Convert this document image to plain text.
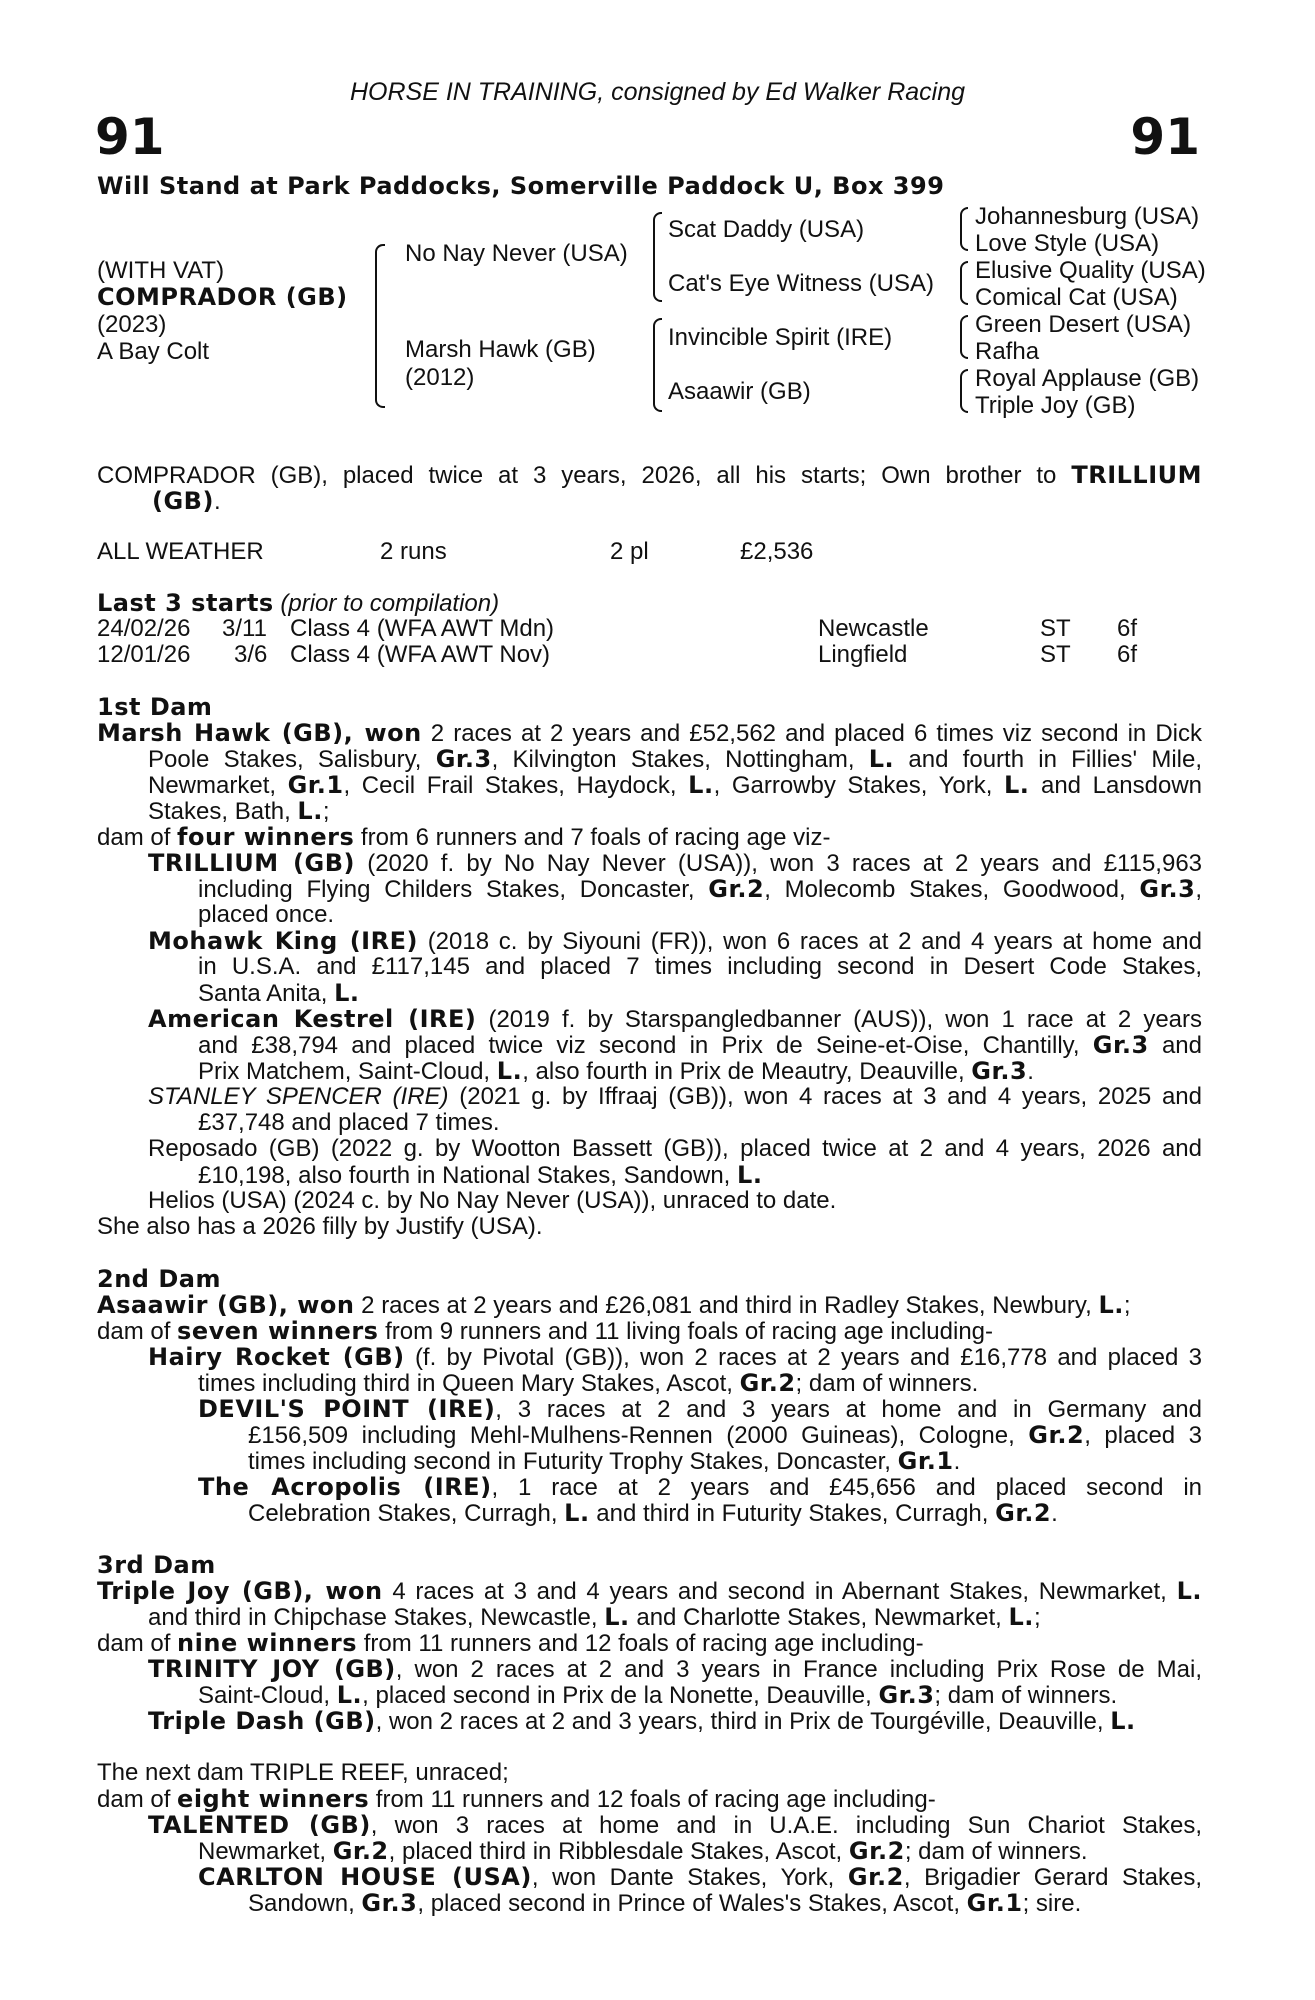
HORSE IN TRAINING, consigned by Ed Walker Racing
91	91
Will Stand at Park Paddocks, Somerville Paddock U, Box 399
(WITH VAT)
COMPRADOR (GB)
(2023)
A Bay Colt
No Nay Never (USA)
Marsh Hawk (GB)
(2012)
Scat Daddy (USA)
Cat's Eye Witness (USA)
Invincible Spirit (IRE)
Asaawir (GB)
Johannesburg (USA)
Love Style (USA)
Elusive Quality (USA)
Comical Cat (USA)
Green Desert (USA)
Rafha
Royal Applause (GB)
Triple Joy (GB)
COMPRADOR (GB), placed twice at 3 years, 2026, all his starts; Own brother to TRILLIUM
(GB).
ALL WEATHER	2 runs	2 pl	£2,536
Last 3 starts (prior to compilation)
24/02/26 3/11 Class 4 (WFA AWT Mdn)	Newcastle	ST 6f
12/01/26 3/6 Class 4 (WFA AWT Nov)	Lingfield	ST 6f
1st Dam
Marsh Hawk (GB), won 2 races at 2 years and £52,562 and placed 6 times viz second in Dick
Poole Stakes, Salisbury, Gr.3, Kilvington Stakes, Nottingham, L. and fourth in Fillies' Mile,
Newmarket, Gr.1, Cecil Frail Stakes, Haydock, L., Garrowby Stakes, York, L. and Lansdown
Stakes, Bath, L.;
dam of four winners from 6 runners and 7 foals of racing age viz-
TRILLIUM (GB) (2020 f. by No Nay Never (USA)), won 3 races at 2 years and £115,963
including Flying Childers Stakes, Doncaster, Gr.2, Molecomb Stakes, Goodwood, Gr.3,
placed once.
Mohawk King (IRE) (2018 c. by Siyouni (FR)), won 6 races at 2 and 4 years at home and
in U.S.A. and £117,145 and placed 7 times including second in Desert Code Stakes,
Santa Anita, L.
American Kestrel (IRE) (2019 f. by Starspangledbanner (AUS)), won 1 race at 2 years
and £38,794 and placed twice viz second in Prix de Seine-et-Oise, Chantilly, Gr.3 and
Prix Matchem, Saint-Cloud, L., also fourth in Prix de Meautry, Deauville, Gr.3.
STANLEY SPENCER (IRE) (2021 g. by Iffraaj (GB)), won 4 races at 3 and 4 years, 2025 and
£37,748 and placed 7 times.
Reposado (GB) (2022 g. by Wootton Bassett (GB)), placed twice at 2 and 4 years, 2026 and
£10,198, also fourth in National Stakes, Sandown, L.
Helios (USA) (2024 c. by No Nay Never (USA)), unraced to date.
She also has a 2026 filly by Justify (USA).
2nd Dam
Asaawir (GB), won 2 races at 2 years and £26,081 and third in Radley Stakes, Newbury, L.;
dam of seven winners from 9 runners and 11 living foals of racing age including-
Hairy Rocket (GB) (f. by Pivotal (GB)), won 2 races at 2 years and £16,778 and placed 3
times including third in Queen Mary Stakes, Ascot, Gr.2; dam of winners.
DEVIL'S POINT (IRE), 3 races at 2 and 3 years at home and in Germany and
£156,509 including Mehl-Mulhens-Rennen (2000 Guineas), Cologne, Gr.2, placed 3
times including second in Futurity Trophy Stakes, Doncaster, Gr.1.
The Acropolis (IRE), 1 race at 2 years and £45,656 and placed second in
Celebration Stakes, Curragh, L. and third in Futurity Stakes, Curragh, Gr.2.
3rd Dam
Triple Joy (GB), won 4 races at 3 and 4 years and second in Abernant Stakes, Newmarket, L.
and third in Chipchase Stakes, Newcastle, L. and Charlotte Stakes, Newmarket, L.;
dam of nine winners from 11 runners and 12 foals of racing age including-
TRINITY JOY (GB), won 2 races at 2 and 3 years in France including Prix Rose de Mai,
Saint-Cloud, L., placed second in Prix de la Nonette, Deauville, Gr.3; dam of winners.
Triple Dash (GB), won 2 races at 2 and 3 years, third in Prix de Tourgéville, Deauville, L.
The next dam TRIPLE REEF, unraced;
dam of eight winners from 11 runners and 12 foals of racing age including-
TALENTED (GB), won 3 races at home and in U.A.E. including Sun Chariot Stakes,
Newmarket, Gr.2, placed third in Ribblesdale Stakes, Ascot, Gr.2; dam of winners.
CARLTON HOUSE (USA), won Dante Stakes, York, Gr.2, Brigadier Gerard Stakes,
Sandown, Gr.3, placed second in Prince of Wales's Stakes, Ascot, Gr.1; sire.
